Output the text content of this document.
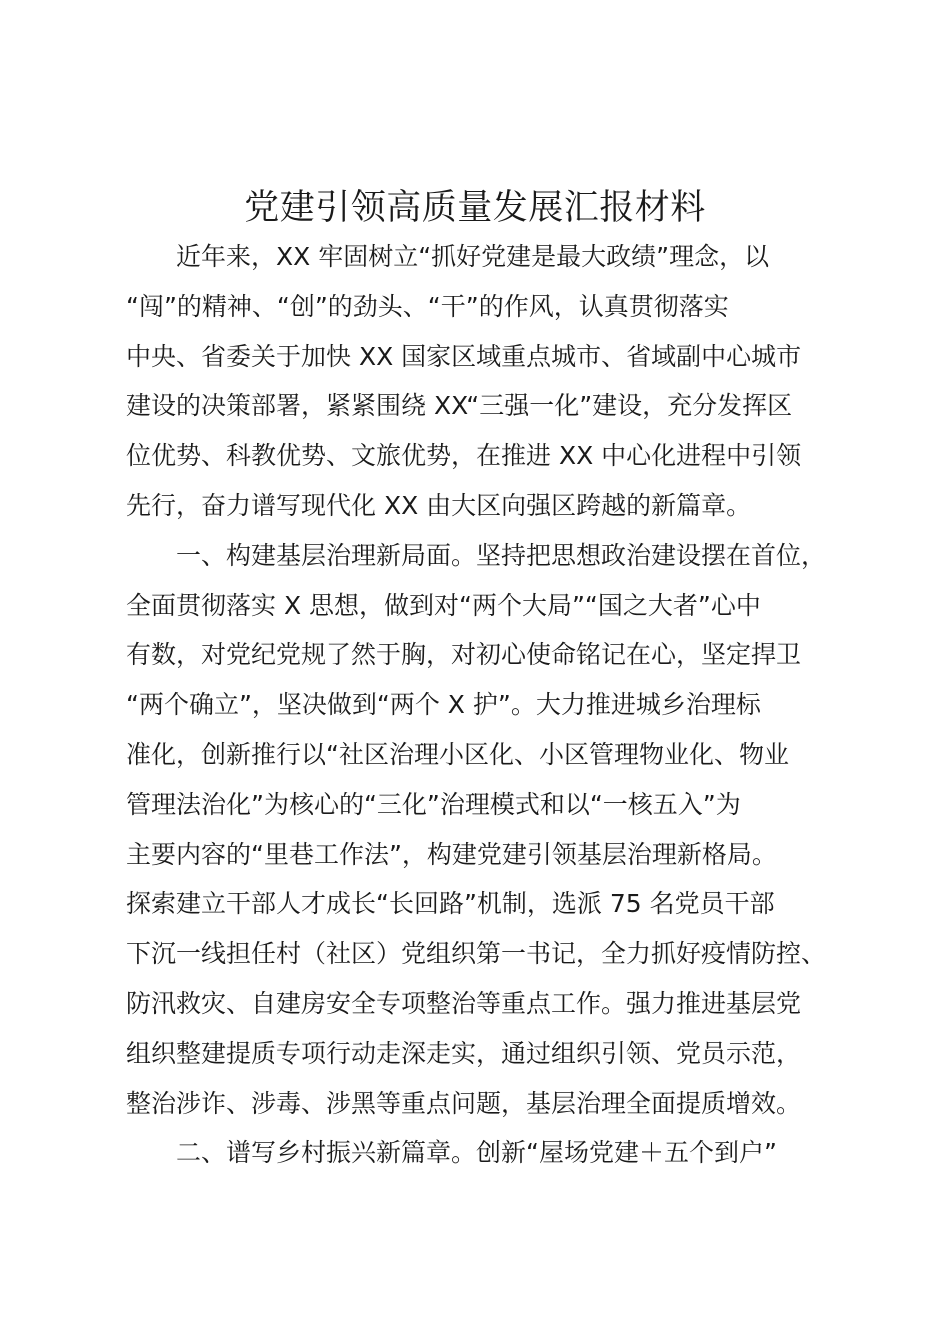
党建引领高质量发展汇报材料
近年来，XX 牢固树立“抓好党建是最大政绩”理念，以
“闯”的精神、“创”的劲头、“干”的作风，认真贯彻落实
中央、省委关于加快 XX 国家区域重点城市、省域副中心城市
建设的决策部署，紧紧围绕 XX“三强一化”建设，充分发挥区
位优势、科教优势、文旅优势，在推进 XX 中心化进程中引领
先行，奋力谱写现代化 XX 由大区向强区跨越的新篇章。
一、构建基层治理新局面。坚持把思想政治建设摆在首位，
全面贯彻落实 X 思想，做到对“两个大局”“国之大者”心中
有数，对党纪党规了然于胸，对初心使命铭记在心，坚定捍卫
“两个确立”，坚决做到“两个 X 护”。大力推进城乡治理标
准化，创新推行以“社区治理小区化、小区管理物业化、物业
管理法治化”为核心的“三化”治理模式和以“一核五入”为
主要内容的“里巷工作法”，构建党建引领基层治理新格局。
探索建立干部人才成长“长回路”机制，选派 75 名党员干部
下沉一线担任村（社区）党组织第一书记，全力抓好疫情防控、
防汛救灾、自建房安全专项整治等重点工作。强力推进基层党
组织整建提质专项行动走深走实，通过组织引领、党员示范，
整治涉诈、涉毒、涉黑等重点问题，基层治理全面提质增效。
二、谱写乡村振兴新篇章。创新“屋场党建＋五个到户”
